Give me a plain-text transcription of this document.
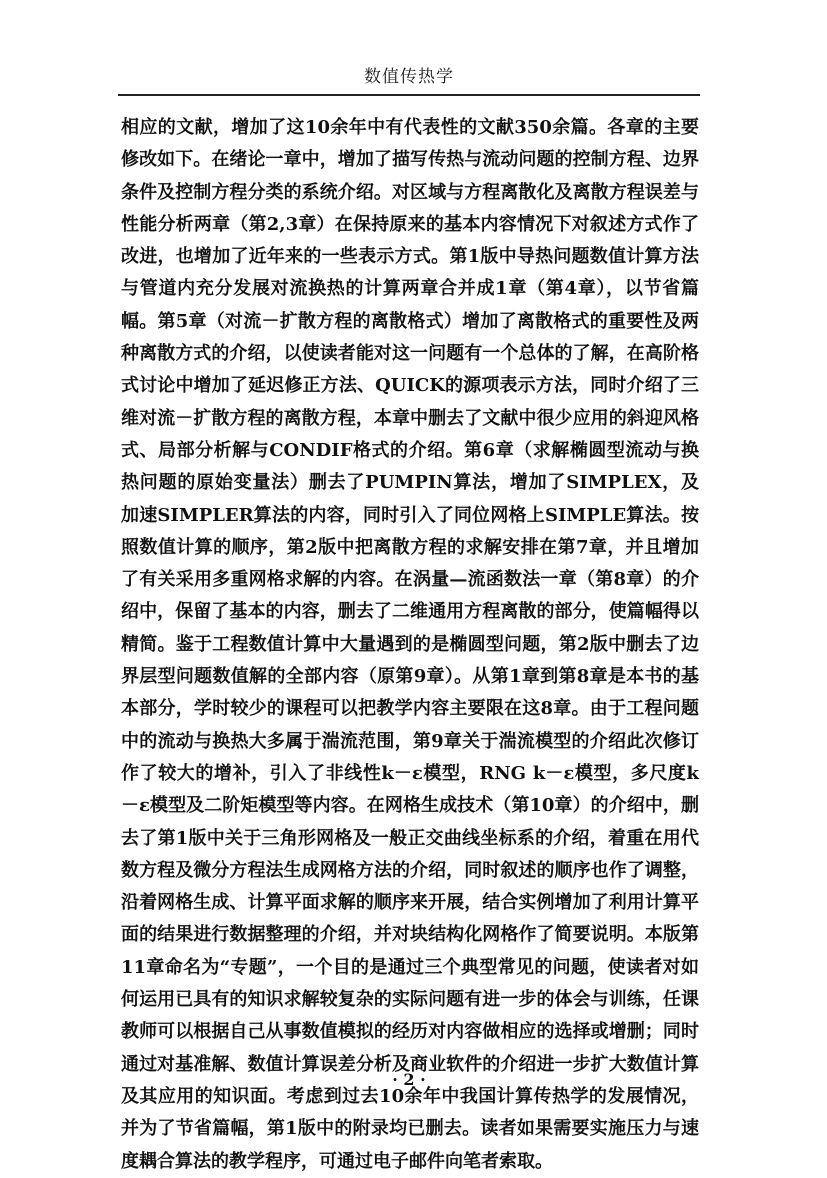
数值传热学

相应的文献，增加了这10余年中有代表性的文献350余篇。各章的主要修改如下。在绪论一章中，增加了描写传热与流动问题的控制方程、边界条件及控制方程分类的系统介绍。对区域与方程离散化及离散方程误差与性能分析两章（第2,3章）在保持原来的基本内容情况下对叙述方式作了改进，也增加了近年来的一些表示方式。第1版中导热问题数值计算方法与管道内充分发展对流换热的计算两章合并成1章（第4章），以节省篇幅。第5章（对流－扩散方程的离散格式）增加了离散格式的重要性及两种离散方式的介绍，以使读者能对这一问题有一个总体的了解，在高阶格式讨论中增加了延迟修正方法、QUICK的源项表示方法，同时介绍了三维对流－扩散方程的离散方程，本章中删去了文献中很少应用的斜迎风格式、局部分析解与CONDIF格式的介绍。第6章（求解椭圆型流动与换热问题的原始变量法）删去了PUMPIN算法，增加了SIMPLEX，及加速SIMPLER算法的内容，同时引入了同位网格上SIMPLE算法。按照数值计算的顺序，第2版中把离散方程的求解安排在第7章，并且增加了有关采用多重网格求解的内容。在涡量—流函数法一章（第8章）的介绍中，保留了基本的内容，删去了二维通用方程离散的部分，使篇幅得以精简。鉴于工程数值计算中大量遇到的是椭圆型问题，第2版中删去了边界层型问题数值解的全部内容（原第9章）。从第1章到第8章是本书的基本部分，学时较少的课程可以把教学内容主要限在这8章。由于工程问题中的流动与换热大多属于湍流范围，第9章关于湍流模型的介绍此次修订作了较大的增补，引入了非线性k－ε模型，RNG k－ε模型，多尺度k－ε模型及二阶矩模型等内容。在网格生成技术（第10章）的介绍中，删去了第1版中关于三角形网格及一般正交曲线坐标系的介绍，着重在用代数方程及微分方程法生成网格方法的介绍，同时叙述的顺序也作了调整，沿着网格生成、计算平面求解的顺序来开展，结合实例增加了利用计算平面的结果进行数据整理的介绍，并对块结构化网格作了简要说明。本版第11章命名为“专题”，一个目的是通过三个典型常见的问题，使读者对如何运用已具有的知识求解较复杂的实际问题有进一步的体会与训练，任课教师可以根据自己从事数值模拟的经历对内容做相应的选择或增删；同时通过对基准解、数值计算误差分析及商业软件的介绍进一步扩大数值计算及其应用的知识面。考虑到过去10余年中我国计算传热学的发展情况，并为了节省篇幅，第1版中的附录均已删去。读者如果需要实施压力与速度耦合算法的教学程序，可通过电子邮件向笔者索取。

· 2 ·
